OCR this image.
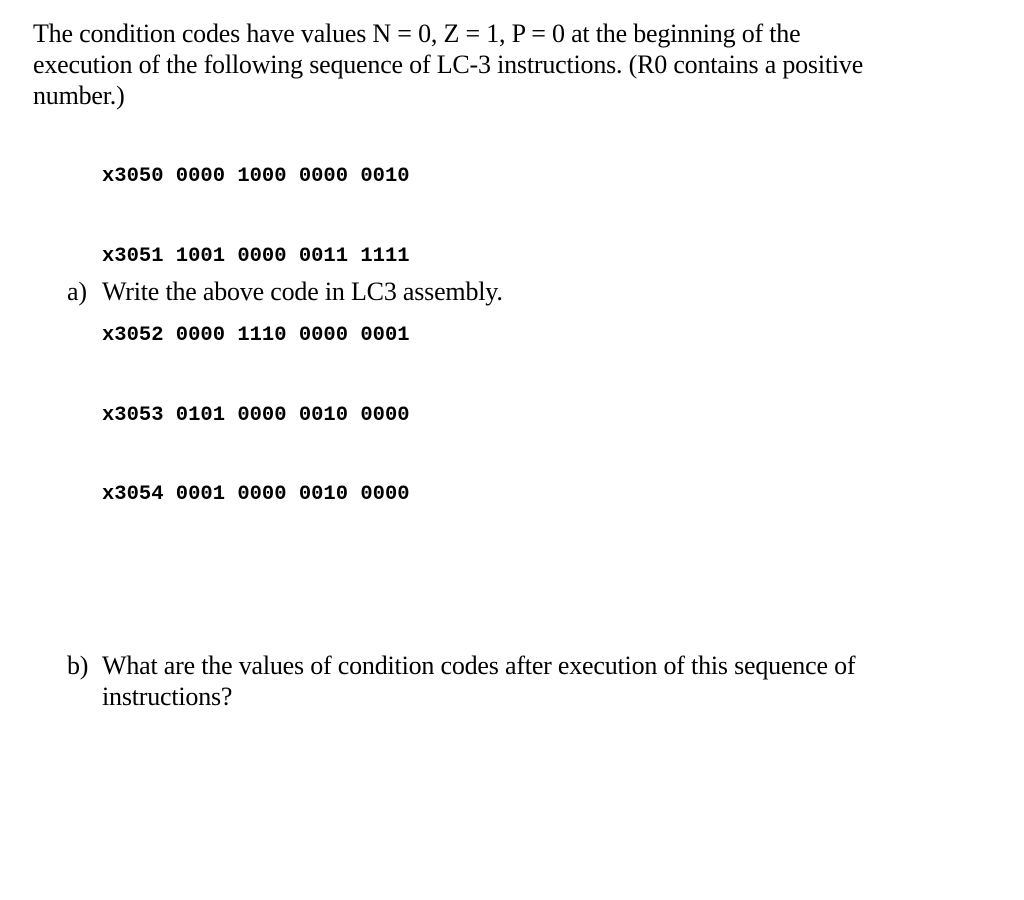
The condition codes have values N = 0, Z = 1, P = 0 at the beginning of the
execution of the following sequence of LC-3 instructions. (R0 contains a positive
number.)

x3050 0000 1000 0000 0010

x3051 1001 0000 0011 1111

x3052 0000 1110 0000 0001

x3053 0101 0000 0010 0000

x3054 0001 0000 0010 0000

a) Write the above code in LC3 assembly.
b) What are the values of condition codes after execution of this sequence of
instructions?
